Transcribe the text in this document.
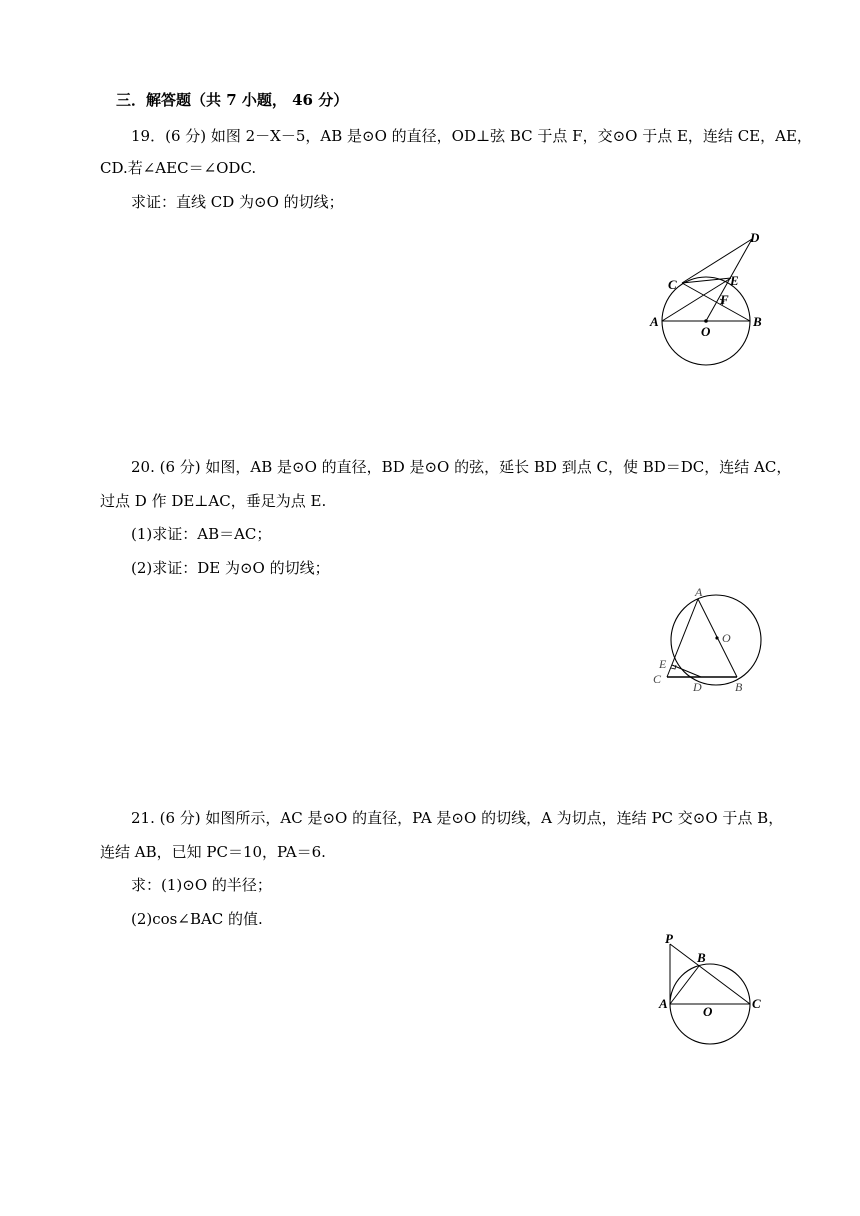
三．解答题（共 7 小题， 46 分）
19．(6 分) 如图 2－X－5，AB 是⊙O 的直径，OD⊥弦 BC 于点 F，交⊙O 于点 E，连结 CE，AE，
CD.若∠AEC＝∠ODC.
求证：直线 CD 为⊙O 的切线；
D
E
C
F
A	B
O
20. (6 分) 如图，AB 是⊙O 的直径，BD 是⊙O 的弦，延长 BD 到点 C，使 BD＝DC，连结 AC，
过点 D 作 DE⊥AC，垂足为点 E.
(1)求证：AB＝AC；
(2)求证：DE 为⊙O 的切线；
A
O
E
C
D	B
21. (6 分) 如图所示，AC 是⊙O 的直径，PA 是⊙O 的切线，A 为切点，连结 PC 交⊙O 于点 B，
连结 AB，已知 PC＝10，PA＝6.
求：(1)⊙O 的半径；
(2)cos∠BAC 的值.
P
B
A
O
C
